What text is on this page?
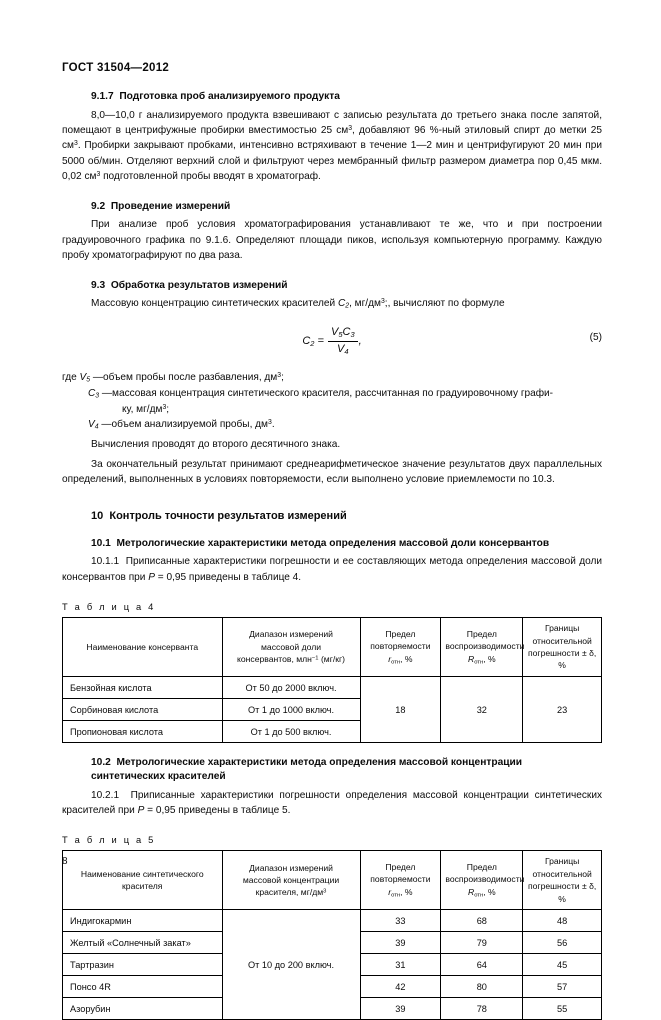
ГОСТ 31504—2012
9.1.7 Подготовка проб анализируемого продукта

8,0—10,0 г анализируемого продукта взвешивают с записью результата до третьего знака после запятой, помещают в центрифужные пробирки вместимостью 25 $см^3$, добавляют 96 %-ный этиловый спирт до метки 25 $см^3$. Пробирки закрывают пробками, интенсивно встряхивают в течение 1—2 мин и центрифугируют 20 мин при 5000 об/мин. Отделяют верхний слой и фильтруют через мембранный фильтр размером диаметра пор 0,45 мкм. 0,02 $см^3$ подготовленной пробы вводят в хроматограф.

9.2 Проведение измерений

При анализе проб условия хроматографирования устанавливают те же, что и при построении градуировочного графика по 9.1.6. Определяют площади пиков, используя компьютерную программу. Каждую пробу хроматографируют по два раза.

9.3 Обработка результатов измерений

Массовую концентрацию синтетических красителей $C_2$, $мг/дм^3$;, вычисляют по формуле

$C_2 = \frac{V_5C_3}{V_4}$ ,	(5)
где $V_5$ — объем пробы после разбавления, $дм^3$;
$C_3$ — массовая концентрация синтетического красителя, рассчитанная по градуировочному графи-
ку, $мг/дм^3$;
$V_4$ — объем анализируемой пробы, $дм^3$.

Вычисления проводят до второго десятичного знака.

За окончательный результат принимают среднеарифметическое значение результатов двух параллельных определений, выполненных в условиях повторяемости, если выполнено условие приемлемости по 10.3.

10 Контроль точности результатов измерений
10.1 Метрологические характеристики метода определения массовой доли консервантов

10.1.1 Приписанные характеристики погрешности и ее составляющих метода определения массовой доли консервантов при P = 0,95 приведены в таблице 4.

Т а б л и ц а 4
Наименование консерванта	Диапазон измерений
массовой доли
консервантов, млн$^{-1}$ (мг/кг)	Предел
повторяемости
$r_{отн}$, %	Предел
воспроизводимости
$R_{отн}$, %	Границы
относительной
погрешности ± δ, %
Бензойная кислота	От 50 до 2000 включ.	18	32	23
Сорбиновая кислота	От 1 до 1000 включ.			
Пропионовая кислота	От 1 до 500 включ.			
10.2 Метрологические характеристики метода определения массовой концентрации
синтетических красителей

10.2.1 Приписанные характеристики погрешности определения массовой концентрации синтетических красителей при P = 0,95 приведены в таблице 5.

Т а б л и ц а 5
Наименование синтетического
красителя	Диапазон измерений
массовой концентрации
красителя, $мг/дм^3$	Предел
повторяемости
$r_{отн}$, %	Предел
воспроизводимости
$R_{отн}$, %	Границы
относительной
погрешности ± δ, %
Индигокармин	От 10 до 200 включ.	33	68	48
Желтый «Солнечный закат»		39	79	56
Тартразин		31	64	45
Понсо 4R		42	80	57
Азорубин		39	78	55
8
